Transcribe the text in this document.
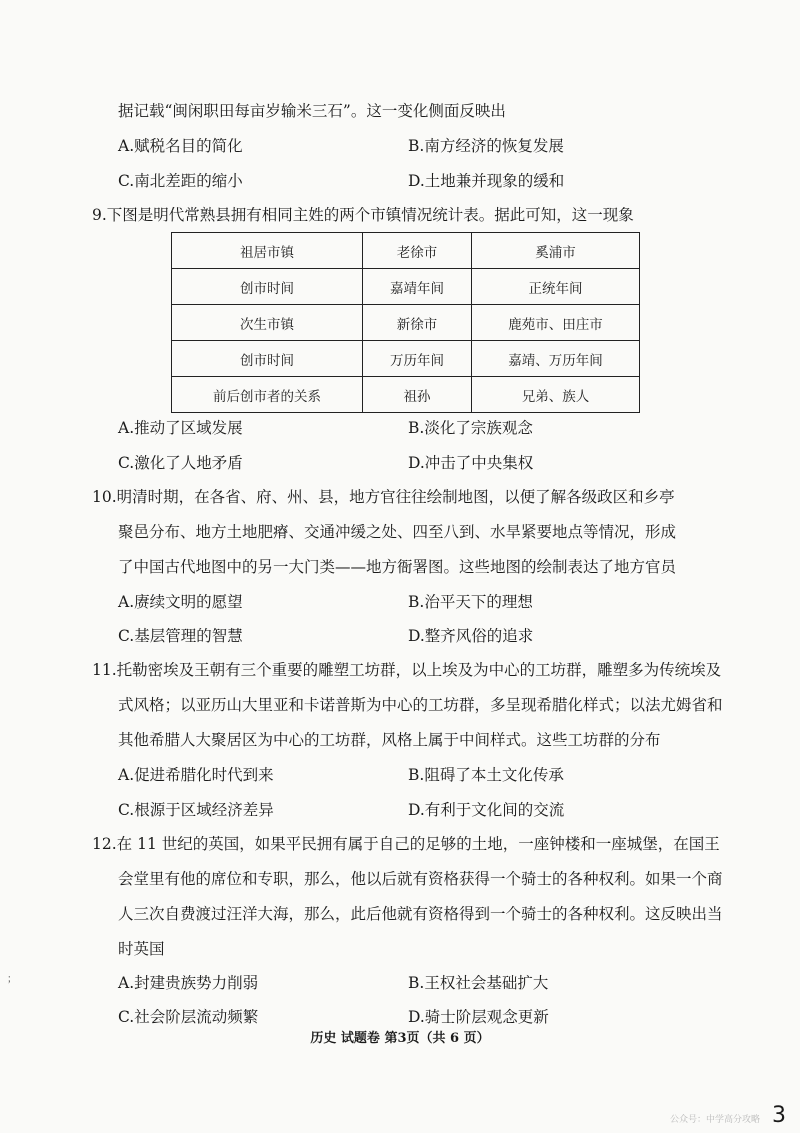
据记载“闽闲职田每亩岁输米三石”。这一变化侧面反映出
A.赋税名目的简化	B.南方经济的恢复发展
C.南北差距的缩小	D.土地兼并现象的缓和
9.下图是明代常熟县拥有相同主姓的两个市镇情况统计表。据此可知，这一现象
祖居市镇	老徐市	奚浦市
创市时间	嘉靖年间	正统年间
次生市镇	新徐市	鹿苑市、田庄市
创市时间	万历年间	嘉靖、万历年间
前后创市者的关系	祖孙	兄弟、族人
A.推动了区域发展	B.淡化了宗族观念
C.激化了人地矛盾	D.冲击了中央集权
10.明清时期，在各省、府、州、县，地方官往往绘制地图，以便了解各级政区和乡亭
聚邑分布、地方土地肥瘠、交通冲缓之处、四至八到、水旱紧要地点等情况，形成
了中国古代地图中的另一大门类——地方衙署图。这些地图的绘制表达了地方官员
A.赓续文明的愿望	B.治平天下的理想
C.基层管理的智慧	D.整齐风俗的追求
11.托勒密埃及王朝有三个重要的雕塑工坊群，以上埃及为中心的工坊群，雕塑多为传统埃及
式风格；以亚历山大里亚和卡诺普斯为中心的工坊群，多呈现希腊化样式；以法尤姆省和
其他希腊人大聚居区为中心的工坊群，风格上属于中间样式。这些工坊群的分布
A.促进希腊化时代到来	B.阻碍了本土文化传承
C.根源于区域经济差异	D.有利于文化间的交流
12.在 11 世纪的英国，如果平民拥有属于自己的足够的土地，一座钟楼和一座城堡，在国王
会堂里有他的席位和专职，那么，他以后就有资格获得一个骑士的各种权利。如果一个商
人三次自费渡过汪洋大海，那么，此后他就有资格得到一个骑士的各种权利。这反映出当
时英国
A.封建贵族势力削弱	B.王权社会基础扩大
C.社会阶层流动频繁	D.骑士阶层观念更新
；
历史 试题卷 第3页（共 6 页）
公众号：中学高分攻略 3
